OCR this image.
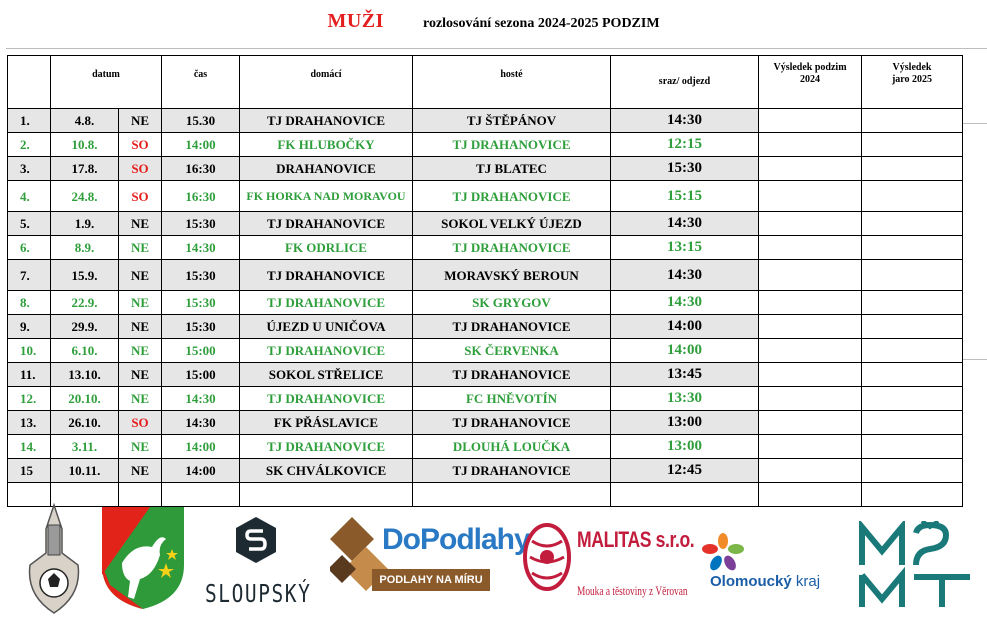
MUŽI	rozlosování sezona 2024-2025 PODZIM
	datum		čas	domácí	hosté	sraz/ odjezd	Výsledek podzim 2024	Výsledek jaro 2025
1.	4.8.	NE	15.30	TJ DRAHANOVICE	TJ ŠTĚPÁNOV	14:30		
2.	10.8.	SO	14:00	FK HLUBOČKY	TJ DRAHANOVICE	12:15		
3.	17.8.	SO	16:30	DRAHANOVICE	TJ BLATEC	15:30		
4.	24.8.	SO	16:30	FK HORKA NAD MORAVOU	TJ DRAHANOVICE	15:15		
5.	1.9.	NE	15:30	TJ DRAHANOVICE	SOKOL VELKÝ ÚJEZD	14:30		
6.	8.9.	NE	14:30	FK ODRLICE	TJ DRAHANOVICE	13:15		
7.	15.9.	NE	15:30	TJ DRAHANOVICE	MORAVSKÝ BEROUN	14:30		
8.	22.9.	NE	15:30	TJ DRAHANOVICE	SK GRYGOV	14:30		
9.	29.9.	NE	15:30	ÚJEZD U UNIČOVA	TJ DRAHANOVICE	14:00		
10.	6.10.	NE	15:00	TJ DRAHANOVICE	SK ČERVENKA	14:00		
11.	13.10.	NE	15:00	SOKOL STŘELICE	TJ DRAHANOVICE	13:45		
12.	20.10.	NE	14:30	TJ DRAHANOVICE	FC HNĚVOTÍN	13:30		
13.	26.10.	SO	14:30	FK PŘÁSLAVICE	TJ DRAHANOVICE	13:00		
14.	3.11.	NE	14:00	TJ DRAHANOVICE	DLOUHÁ LOUČKA	13:00		
15	10.11.	NE	14:00	SK CHVÁLKOVICE	TJ DRAHANOVICE	12:45		

SLOUPSKÝ
DoPodlahy
PODLAHY NA MÍRU
MALITAS s.r.o.
Mouka a těstoviny z Věrovan
Olomoucký kraj
